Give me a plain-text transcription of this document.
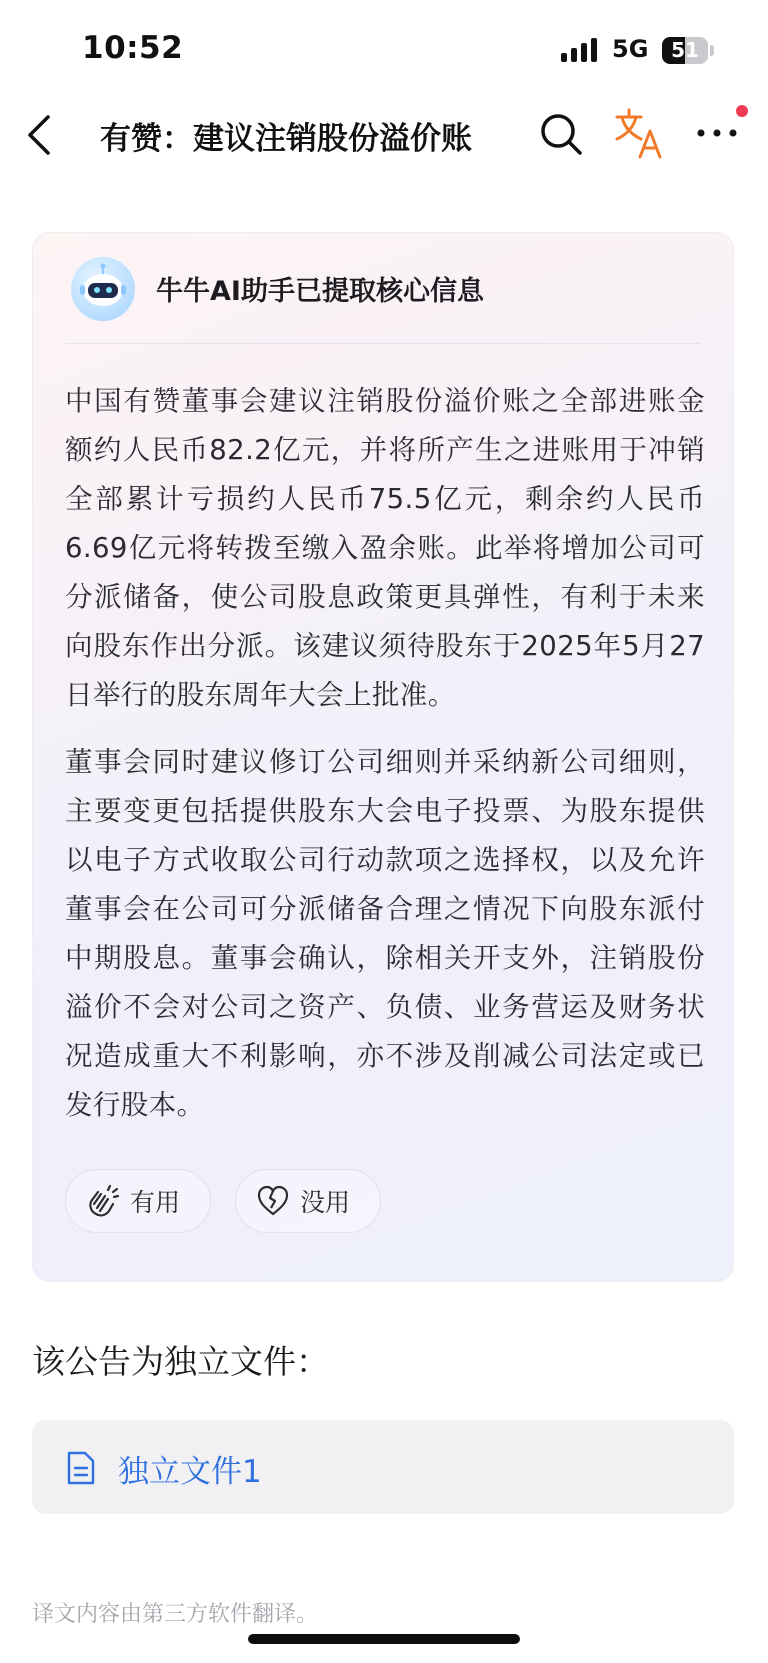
10:52	5G	51
有赞：建议注销股份溢价账
牛牛AI助手已提取核心信息

中国有赞董事会建议注销股份溢价账之全部进账金额约人民币82.2亿元，并将所产生之进账用于冲销全部累计亏损约人民币75.5亿元，剩余约人民币6.69亿元将转拨至缴入盈余账。此举将增加公司可分派储备，使公司股息政策更具弹性，有利于未来向股东作出分派。该建议须待股东于2025年5月27日举行的股东周年大会上批准。

董事会同时建议修订公司细则并采纳新公司细则，主要变更包括提供股东大会电子投票、为股东提供以电子方式收取公司行动款项之选择权，以及允许董事会在公司可分派储备合理之情况下向股东派付中期股息。董事会确认，除相关开支外，注销股份溢价不会对公司之资产、负债、业务营运及财务状况造成重大不利影响，亦不涉及削减公司法定或已发行股本。

有用	没用
该公告为独立文件：
独立文件1
译文内容由第三方软件翻译。
